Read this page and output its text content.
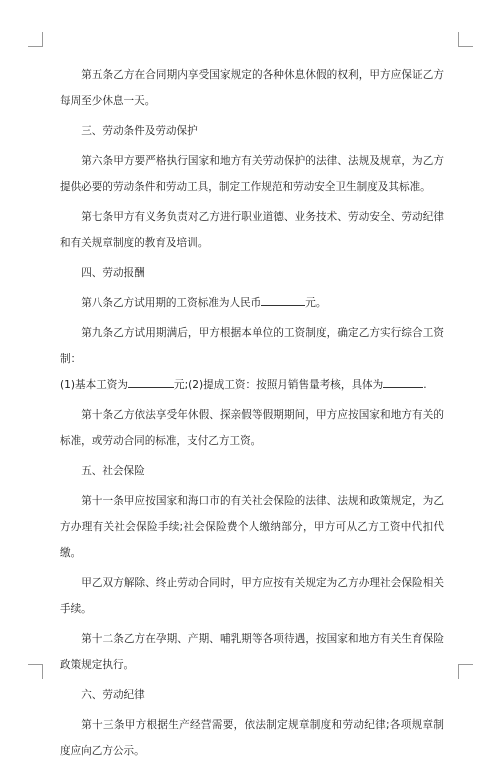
第五条乙方在合同期内享受国家规定的各种休息休假的权利，甲方应保证乙方每周至少休息一天。

三、劳动条件及劳动保护

第六条甲方要严格执行国家和地方有关劳动保护的法律、法规及规章，为乙方提供必要的劳动条件和劳动工具，制定工作规范和劳动安全卫生制度及其标准。

第七条甲方有义务负责对乙方进行职业道德、业务技术、劳动安全、劳动纪律和有关规章制度的教育及培训。

四、劳动报酬

第八条乙方试用期的工资标准为人民币	元。

第九条乙方试用期满后，甲方根据本单位的工资制度，确定乙方实行综合工资制：

(1)基本工资为	元;(2)提成工资：按照月销售量考核，具体为	.

第十条乙方依法享受年休假、探亲假等假期期间，甲方应按国家和地方有关的标准，或劳动合同的标准，支付乙方工资。

五、社会保险

第十一条甲应按国家和海口市的有关社会保险的法律、法规和政策规定，为乙方办理有关社会保险手续;社会保险费个人缴纳部分，甲方可从乙方工资中代扣代缴。

甲乙双方解除、终止劳动合同时，甲方应按有关规定为乙方办理社会保险相关手续。

第十二条乙方在孕期、产期、哺乳期等各项待遇，按国家和地方有关生育保险政策规定执行。

六、劳动纪律

第十三条甲方根据生产经营需要，依法制定规章制度和劳动纪律;各项规章制度应向乙方公示。
